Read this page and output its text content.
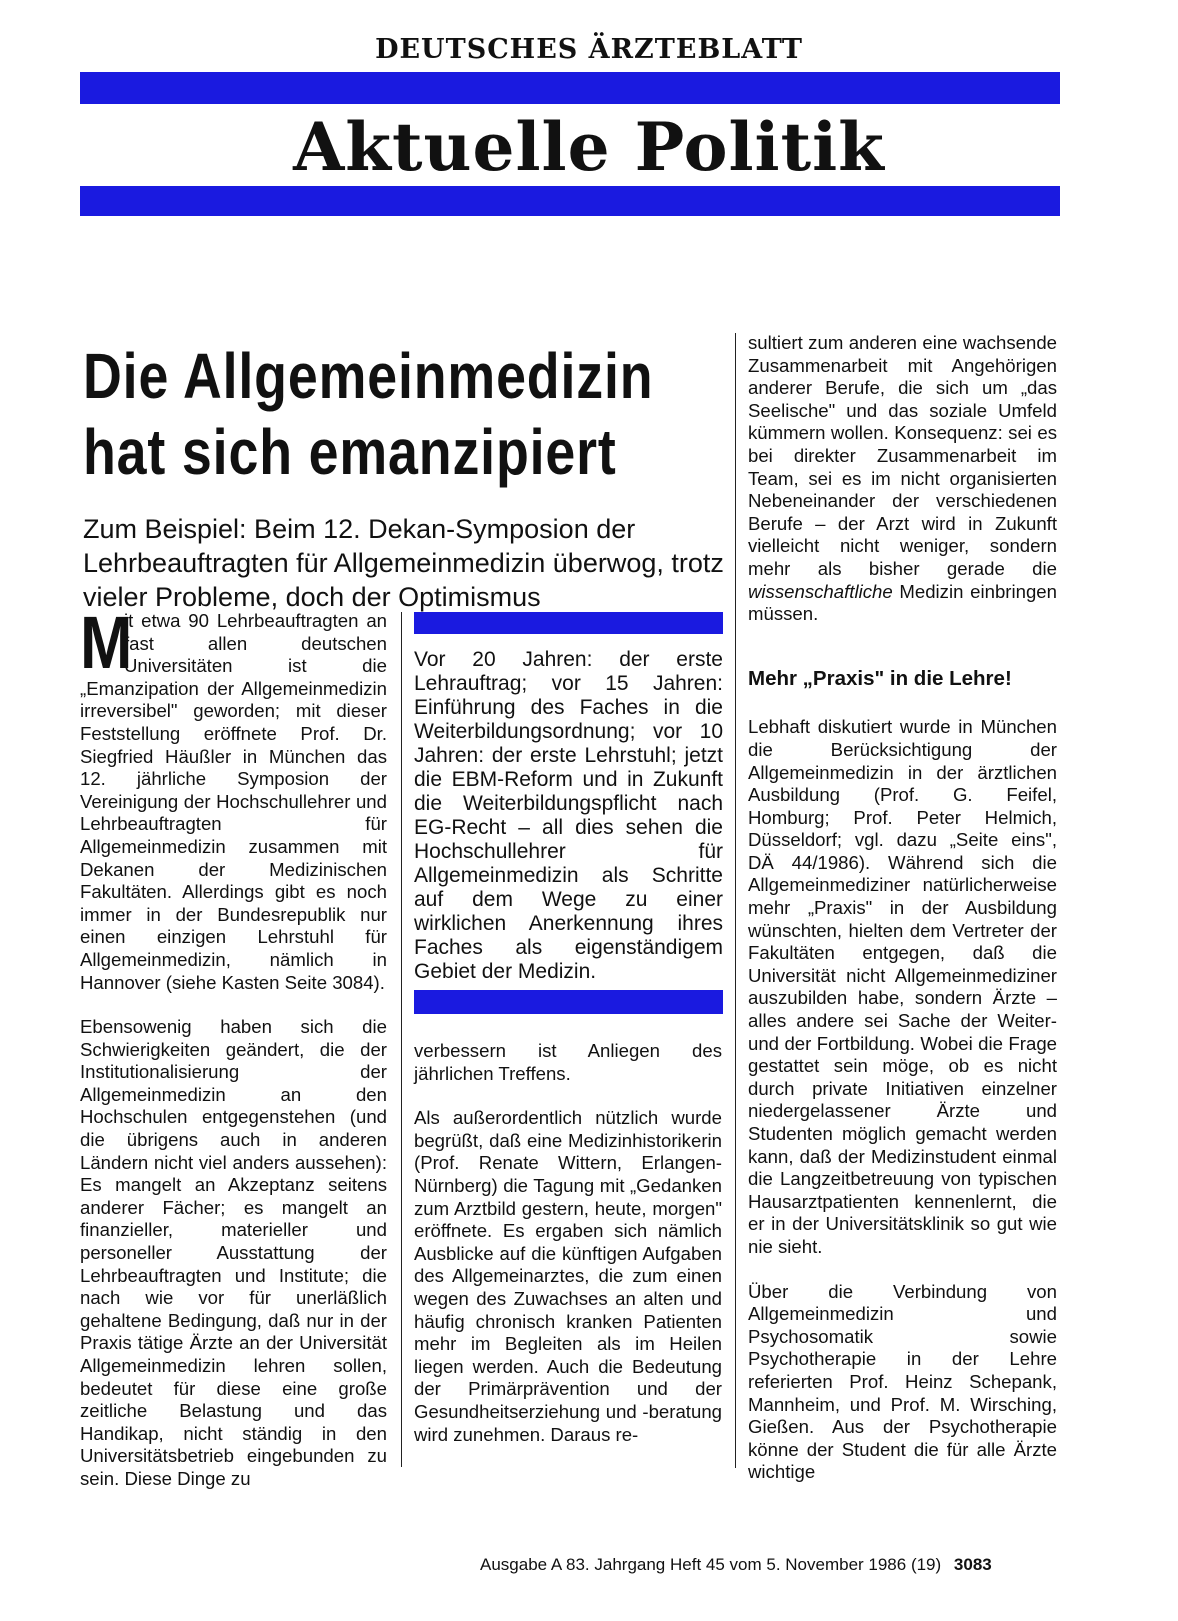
DEUTSCHES ÄRZTEBLATT
Aktuelle Politik
Die Allgemeinmedizin
hat sich emanzipiert
Zum Beispiel: Beim 12. Dekan-Symposion der Lehrbeauftragten für Allgemeinmedizin überwog, trotz vieler Probleme, doch der Optimismus

M
it etwa 90 Lehrbeauftragten an fast allen deutschen Universitäten ist die „Emanzipation der Allgemeinmedizin irreversibel" geworden; mit dieser Feststellung eröffnete Prof. Dr. Siegfried Häußler in München das 12. jährliche Symposion der Vereinigung der Hochschullehrer und Lehrbeauftragten für Allgemeinmedizin zusammen mit Dekanen der Medizinischen Fakultäten. Allerdings gibt es noch immer in der Bundesrepublik nur einen einzigen Lehrstuhl für Allgemeinmedizin, nämlich in Hannover (siehe Kasten Seite 3084).

Ebensowenig haben sich die Schwierigkeiten geändert, die der Institutionalisierung der Allgemeinmedizin an den Hochschulen entgegenstehen (und die übrigens auch in anderen Ländern nicht viel anders aussehen): Es mangelt an Akzeptanz seitens anderer Fächer; es mangelt an finanzieller, materieller und personeller Ausstattung der Lehrbeauftragten und Institute; die nach wie vor für unerläßlich gehaltene Bedingung, daß nur in der Praxis tätige Ärzte an der Universität Allgemeinmedizin lehren sollen, bedeutet für diese eine große zeitliche Belastung und das Handikap, nicht ständig in den Universitätsbetrieb eingebunden zu sein. Diese Dinge zu

Vor 20 Jahren: der erste Lehrauftrag; vor 15 Jahren: Einführung des Faches in die Weiterbildungsordnung; vor 10 Jahren: der erste Lehrstuhl; jetzt die EBM-Reform und in Zukunft die Weiterbildungspflicht nach EG-Recht – all dies sehen die Hochschullehrer für Allgemeinmedizin als Schritte auf dem Wege zu einer wirklichen Anerkennung ihres Faches als eigenständigem Gebiet der Medizin.

verbessern ist Anliegen des jährlichen Treffens.

Als außerordentlich nützlich wurde begrüßt, daß eine Medizinhistorikerin (Prof. Renate Wittern, Erlangen-Nürnberg) die Tagung mit „Gedanken zum Arztbild gestern, heute, morgen" eröffnete. Es ergaben sich nämlich Ausblicke auf die künftigen Aufgaben des Allgemeinarztes, die zum einen wegen des Zuwachses an alten und häufig chronisch kranken Patienten mehr im Begleiten als im Heilen liegen werden. Auch die Bedeutung der Primärprävention und der Gesundheitserziehung und -beratung wird zunehmen. Daraus re-

sultiert zum anderen eine wachsende Zusammenarbeit mit Angehörigen anderer Berufe, die sich um „das Seelische" und das soziale Umfeld kümmern wollen. Konsequenz: sei es bei direkter Zusammenarbeit im Team, sei es im nicht organisierten Nebeneinander der verschiedenen Berufe – der Arzt wird in Zukunft vielleicht nicht weniger, sondern mehr als bisher gerade die wissenschaftliche Medizin einbringen müssen.

Mehr „Praxis" in die Lehre!

Lebhaft diskutiert wurde in München die Berücksichtigung der Allgemeinmedizin in der ärztlichen Ausbildung (Prof. G. Feifel, Homburg; Prof. Peter Helmich, Düsseldorf; vgl. dazu „Seite eins", DÄ 44/1986). Während sich die Allgemeinmediziner natürlicherweise mehr „Praxis" in der Ausbildung wünschten, hielten dem Vertreter der Fakultäten entgegen, daß die Universität nicht Allgemeinmediziner auszubilden habe, sondern Ärzte – alles andere sei Sache der Weiter- und der Fortbildung. Wobei die Frage gestattet sein möge, ob es nicht durch private Initiativen einzelner niedergelassener Ärzte und Studenten möglich gemacht werden kann, daß der Medizinstudent einmal die Langzeitbetreuung von typischen Hausarztpatienten kennenlernt, die er in der Universitätsklinik so gut wie nie sieht.

Über die Verbindung von Allgemeinmedizin und Psychosomatik sowie Psychotherapie in der Lehre referierten Prof. Heinz Schepank, Mannheim, und Prof. M. Wirsching, Gießen. Aus der Psychotherapie könne der Student die für alle Ärzte wichtige

Ausgabe A 83. Jahrgang Heft 45 vom 5. November 1986 (19) 3083
